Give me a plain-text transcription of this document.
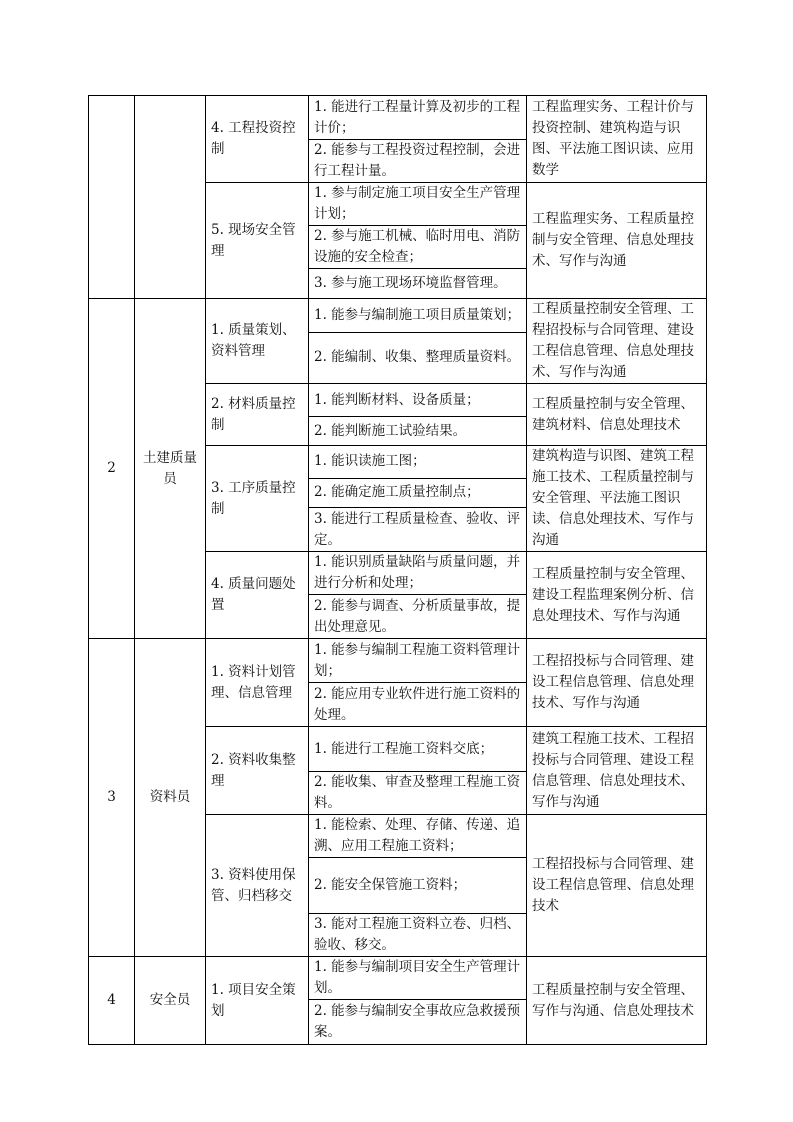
		4. 工程投资控制	1. 能进行工程量计算及初步的工程计价；	工程监理实务、工程计价与投资控制、建筑构造与识图、平法施工图识读、应用数学
			2. 能参与工程投资过程控制，会进行工程计量。	
		5. 现场安全管理	1. 参与制定施工项目安全生产管理计划；	工程监理实务、工程质量控制与安全管理、信息处理技术、写作与沟通
			2. 参与施工机械、临时用电、消防设施的安全检查；	
			3. 参与施工现场环境监督管理。	
2	土建质量员	1. 质量策划、资料管理	1. 能参与编制施工项目质量策划；	工程质量控制安全管理、工程招投标与合同管理、建设工程信息管理、信息处理技术、写作与沟通
			2. 能编制、收集、整理质量资料。	
		2. 材料质量控制	1. 能判断材料、设备质量；	工程质量控制与安全管理、建筑材料、信息处理技术
			2. 能判断施工试验结果。	
		3. 工序质量控制	1. 能识读施工图；	建筑构造与识图、建筑工程施工技术、工程质量控制与安全管理、平法施工图识读、信息处理技术、写作与沟通
			2. 能确定施工质量控制点；	
			3. 能进行工程质量检查、验收、评定。	
		4. 质量问题处置	1. 能识别质量缺陷与质量问题，并进行分析和处理；	工程质量控制与安全管理、建设工程监理案例分析、信息处理技术、写作与沟通
			2. 能参与调查、分析质量事故，提出处理意见。	
3	资料员	1. 资料计划管理、信息管理	1. 能参与编制工程施工资料管理计划；	工程招投标与合同管理、建设工程信息管理、信息处理技术、写作与沟通
			2. 能应用专业软件进行施工资料的处理。	
		2. 资料收集整理	1. 能进行工程施工资料交底；	建筑工程施工技术、工程招投标与合同管理、建设工程信息管理、信息处理技术、写作与沟通
			2. 能收集、审查及整理工程施工资料。	
		3. 资料使用保管、归档移交	1. 能检索、处理、存储、传递、追溯、应用工程施工资料；	工程招投标与合同管理、建设工程信息管理、信息处理技术
			2. 能安全保管施工资料；	
			3. 能对工程施工资料立卷、归档、验收、移交。	
4	安全员	1. 项目安全策划	1. 能参与编制项目安全生产管理计划。	工程质量控制与安全管理、写作与沟通、信息处理技术
			2. 能参与编制安全事故应急救援预案。	
